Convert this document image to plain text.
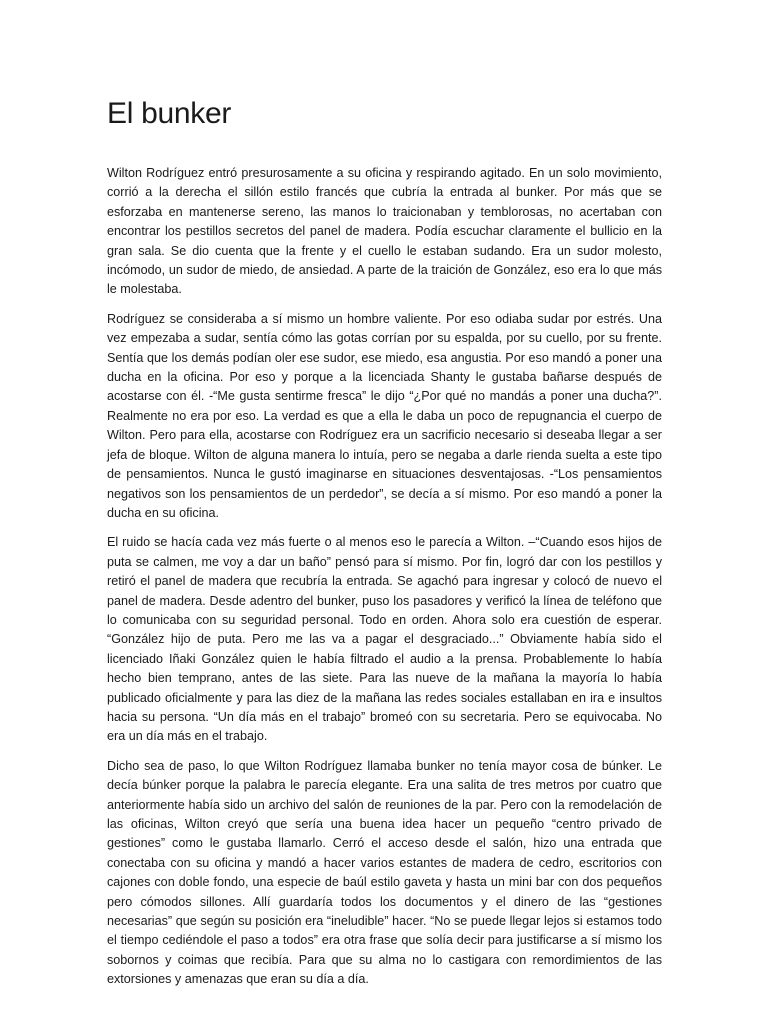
El bunker

Wilton Rodríguez entró presurosamente a su oficina y respirando agitado. En un solo movimiento, corrió a la derecha el sillón estilo francés que cubría la entrada al bunker. Por más que se esforzaba en mantenerse sereno, las manos lo traicionaban y temblorosas, no acertaban con encontrar los pestillos secretos del panel de madera. Podía escuchar claramente el bullicio en la gran sala. Se dio cuenta que la frente y el cuello le estaban sudando. Era un sudor molesto, incómodo, un sudor de miedo, de ansiedad. A parte de la traición de González, eso era lo que más le molestaba.

Rodríguez se consideraba a sí mismo un hombre valiente. Por eso odiaba sudar por estrés. Una vez empezaba a sudar, sentía cómo las gotas corrían por su espalda, por su cuello, por su frente. Sentía que los demás podían oler ese sudor, ese miedo, esa angustia. Por eso mandó a poner una ducha en la oficina. Por eso y porque a la licenciada Shanty le gustaba bañarse después de acostarse con él. -“Me gusta sentirme fresca” le dijo “¿Por qué no mandás a poner una ducha?”. Realmente no era por eso. La verdad es que a ella le daba un poco de repugnancia el cuerpo de Wilton. Pero para ella, acostarse con Rodríguez era un sacrificio necesario si deseaba llegar a ser jefa de bloque. Wilton de alguna manera lo intuía, pero se negaba a darle rienda suelta a este tipo de pensamientos. Nunca le gustó imaginarse en situaciones desventajosas. -“Los pensamientos negativos son los pensamientos de un perdedor”, se decía a sí mismo. Por eso mandó a poner la ducha en su oficina.

El ruido se hacía cada vez más fuerte o al menos eso le parecía a Wilton. –“Cuando esos hijos de puta se calmen, me voy a dar un baño” pensó para sí mismo. Por fin, logró dar con los pestillos y retiró el panel de madera que recubría la entrada. Se agachó para ingresar y colocó de nuevo el panel de madera. Desde adentro del bunker, puso los pasadores y verificó la línea de teléfono que lo comunicaba con su seguridad personal. Todo en orden. Ahora solo era cuestión de esperar. “González hijo de puta. Pero me las va a pagar el desgraciado...” Obviamente había sido el licenciado Iñaki González quien le había filtrado el audio a la prensa. Probablemente lo había hecho bien temprano, antes de las siete. Para las nueve de la mañana la mayoría lo había publicado oficialmente y para las diez de la mañana las redes sociales estallaban en ira e insultos hacia su persona. “Un día más en el trabajo” bromeó con su secretaria. Pero se equivocaba. No era un día más en el trabajo.

Dicho sea de paso, lo que Wilton Rodríguez llamaba bunker no tenía mayor cosa de búnker. Le decía búnker porque la palabra le parecía elegante. Era una salita de tres metros por cuatro que anteriormente había sido un archivo del salón de reuniones de la par. Pero con la remodelación de las oficinas, Wilton creyó que sería una buena idea hacer un pequeño “centro privado de gestiones” como le gustaba llamarlo. Cerró el acceso desde el salón, hizo una entrada que conectaba con su oficina y mandó a hacer varios estantes de madera de cedro, escritorios con cajones con doble fondo, una especie de baúl estilo gaveta y hasta un mini bar con dos pequeños pero cómodos sillones. Allí guardaría todos los documentos y el dinero de las “gestiones necesarias” que según su posición era “ineludible” hacer. “No se puede llegar lejos si estamos todo el tiempo cediéndole el paso a todos” era otra frase que solía decir para justificarse a sí mismo los sobornos y coimas que recibía. Para que su alma no lo castigara con remordimientos de las extorsiones y amenazas que eran su día a día.
